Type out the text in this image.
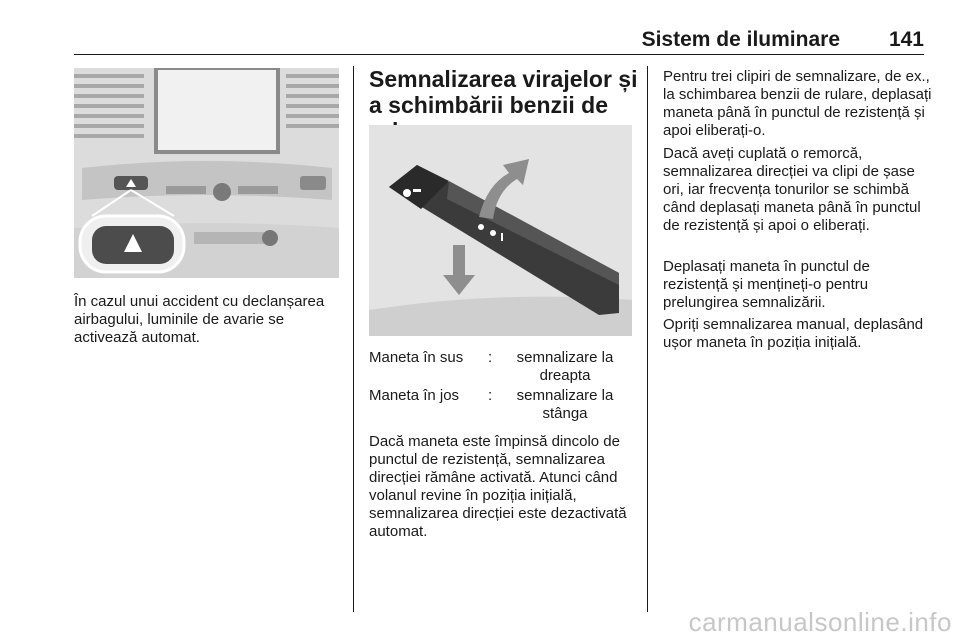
Sistem de iluminare 141

În cazul unui accident cu declanșarea airbagului, luminile de avarie se activează automat.

Semnalizarea virajelor și a schimbării benzii de
Maneta în sus	:	semnalizare la dreapta
Maneta în jos	:	semnalizare la stânga

Dacă maneta este împinsă dincolo de punctul de rezistență, semnalizarea direcției rămâne activată. Atunci când volanul revine în poziția inițială, semnalizarea direcției este dezactivată automat.

Pentru trei clipiri de semnalizare, de ex., la schimbarea benzii de rulare, deplasați maneta până în punctul de rezistență și apoi eliberați-o.

Dacă aveți cuplată o remorcă, semnalizarea direcției va clipi de șase ori, iar frecvența tonurilor se schimbă când deplasați maneta până în punctul de rezistență și apoi o eliberați.

Deplasați maneta în punctul de rezistență și mențineți-o pentru prelungirea semnalizării.

Opriți semnalizarea manual, deplasând ușor maneta în poziția inițială.

carmanualsonline.info
